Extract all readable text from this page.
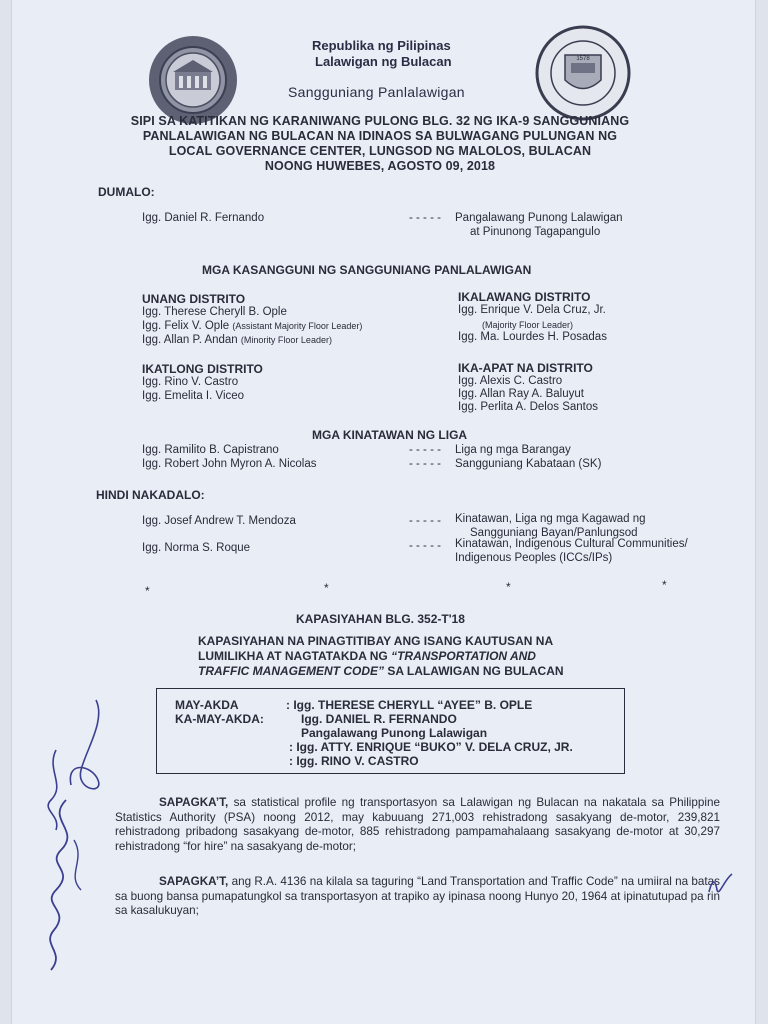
1578
Republika ng Pilipinas
Lalawigan ng Bulacan
Sangguniang Panlalawigan
SIPI SA KATITIKAN NG KARANIWANG PULONG BLG. 32 NG IKA-9 SANGGUNIANG
PANLALAWIGAN NG BULACAN NA IDINAOS SA BULWAGANG PULUNGAN NG
LOCAL GOVERNANCE CENTER, LUNGSOD NG MALOLOS, BULACAN
NOONG HUWEBES, AGOSTO 09, 2018
DUMALO:
Igg. Daniel R. Fernando	- - - - - Pangalawang Punong Lalawigan
at Pinunong Tagapangulo
MGA KASANGGUNI NG SANGGUNIANG PANLALAWIGAN
UNANG DISTRITO
Igg. Therese Cheryll B. Ople
Igg. Felix V. Ople (Assistant Majority Floor Leader)
Igg. Allan P. Andan (Minority Floor Leader)
IKALAWANG DISTRITO
Igg. Enrique V. Dela Cruz, Jr.
(Majority Floor Leader)
Igg. Ma. Lourdes H. Posadas
IKATLONG DISTRITO
Igg. Rino V. Castro
Igg. Emelita I. Viceo
IKA-APAT NA DISTRITO
Igg. Alexis C. Castro
Igg. Allan Ray A. Baluyut
Igg. Perlita A. Delos Santos
MGA KINATAWAN NG LIGA
Igg. Ramilito B. Capistrano	- - - - - Liga ng mga Barangay
Igg. Robert John Myron A. Nicolas	- - - - - Sangguniang Kabataan (SK)
HINDI NAKADALO:
Igg. Josef Andrew T. Mendoza	- - - - - Kinatawan, Liga ng mga Kagawad ng
Sangguniang Bayan/Panlungsod
Igg. Norma S. Roque	- - - - - Kinatawan, Indigenous Cultural Communities/
Indigenous Peoples (ICCs/IPs)
*	*	*	*
KAPASIYAHAN BLG. 352-T'18
KAPASIYAHAN NA PINAGTITIBAY ANG ISANG KAUTUSAN NA
LUMILIKHA AT NAGTATAKDA NG “TRANSPORTATION AND
TRAFFIC MANAGEMENT CODE” SA LALAWIGAN NG BULACAN
MAY-AKDA	: Igg. THERESE CHERYLL “AYEE” B. OPLE
KA-MAY-AKDA:	Igg. DANIEL R. FERNANDO
Pangalawang Punong Lalawigan
: Igg. ATTY. ENRIQUE “BUKO” V. DELA CRUZ, JR.
: Igg. RINO V. CASTRO
SAPAGKA’T, sa statistical profile ng transportasyon sa Lalawigan ng Bulacan na nakatala sa Philippine Statistics Authority (PSA) noong 2012, may kabuuang 271,003 rehistradong sasakyang de-motor, 239,821 rehistradong pribadong sasakyang de-motor, 885 rehistradong pampamahalaang sasakyang de-motor at 30,297 rehistradong “for hire” na sasakyang de-motor;
SAPAGKA’T, ang R.A. 4136 na kilala sa taguring “Land Transportation and Traffic Code” na umiiral na batas sa buong bansa pumapatungkol sa transportasyon at trapiko ay ipinasa noong Hunyo 20, 1964 at ipinatutupad pa rin sa kasalukuyan;
